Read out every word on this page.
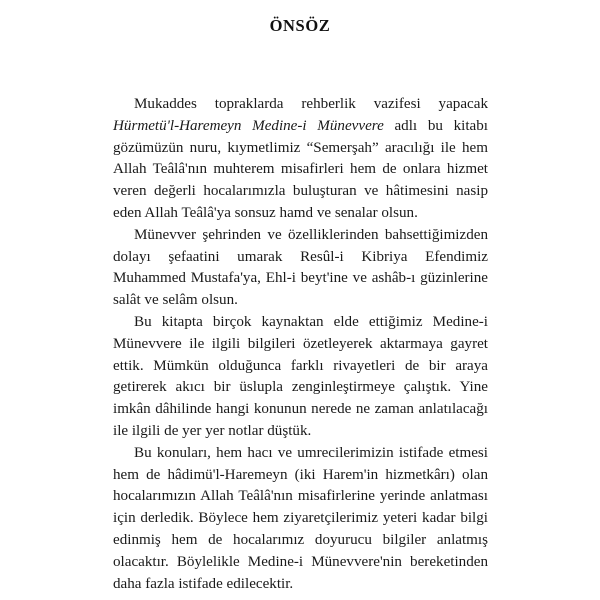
ÖNSÖZ

Mukaddes topraklarda rehberlik vazifesi yapacak Hürmetü'l-Haremeyn Medine-i Münevvere adlı bu kitabı gözümüzün nuru, kıymetlimiz “Semerşah” aracılığı ile hem Allah Teâlâ'nın muhterem misafirleri hem de onlara hizmet veren değerli hocalarımızla buluşturan ve hâtimesini nasip eden Allah Teâlâ'ya sonsuz hamd ve senalar olsun.

Münevver şehrinden ve özelliklerinden bahsettiğimizden dolayı şefaatini umarak Resûl-i Kibriya Efendimiz Muhammed Mustafa'ya, Ehl-i beyt'ine ve ashâb-ı güzinlerine salât ve selâm olsun.

Bu kitapta birçok kaynaktan elde ettiğimiz Medine-i Münevvere ile ilgili bilgileri özetleyerek aktarmaya gayret ettik. Mümkün olduğunca farklı rivayetleri de bir araya getirerek akıcı bir üslupla zenginleştirmeye çalıştık. Yine imkân dâhilinde hangi konunun nerede ne zaman anlatılacağı ile ilgili de yer yer notlar düştük.

Bu konuları, hem hacı ve umrecilerimizin istifade etmesi hem de hâdimü'l-Haremeyn (iki Harem'in hizmetkârı) olan hocalarımızın Allah Teâlâ'nın misafirlerine yerinde anlatması için derledik. Böylece hem ziyaretçilerimiz yeteri kadar bilgi edinmiş hem de hocalarımız doyurucu bilgiler anlatmış olacaktır. Böylelikle Medine-i Münevvere'nin bereketinden daha fazla istifade edilecektir.
